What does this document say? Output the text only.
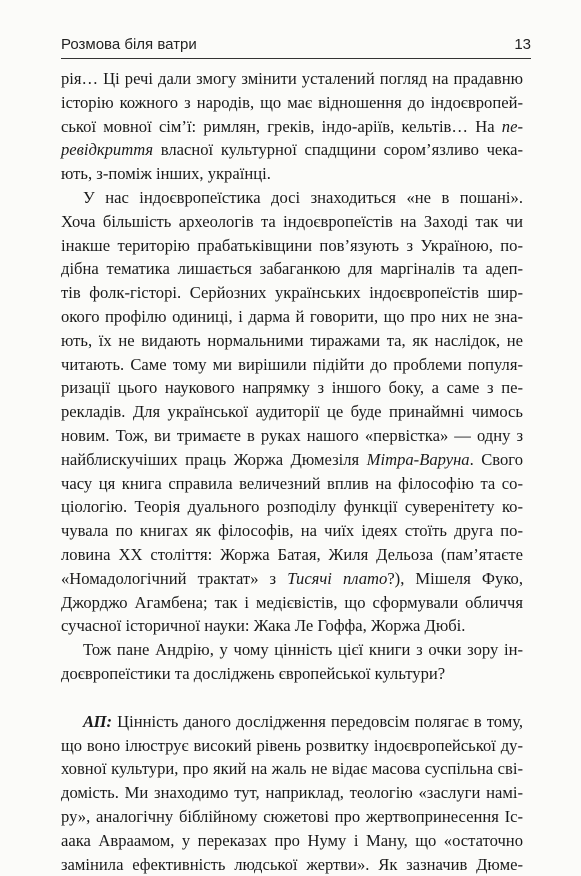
Розмова біля ватри	13
рія… Ці речі дали змогу змінити усталений погляд на прадавню
історію кожного з народів, що має відношення до індоєвропей-
ської мовної сім’ї: римлян, греків, індо-аріїв, кельтів… На пе-
ревідкриття власної культурної спадщини сором’язливо чека-
ють, з-поміж інших, українці.
У нас індоєвропеїстика досі знаходиться «не в пошані».
Хоча більшість археологів та індоєвропеїстів на Заході так чи
інакше територію прабатьківщини пов’язують з Україною, по-
дібна тематика лишається забаганкою для маргіналів та адеп-
тів фолк-гісторі. Серйозних українських індоєвропеїстів шир-
окого профілю одиниці, і дарма й говорити, що про них не зна-
ють, їх не видають нормальними тиражами та, як наслідок, не
читають. Саме тому ми вирішили підійти до проблеми популя-
ризації цього наукового напрямку з іншого боку, а саме з пе-
рекладів. Для української аудиторії це буде принаймні чимось
новим. Тож, ви тримаєте в руках нашого «первістка» — одну з
найблискучіших праць Жоржа Дюмезіля Мітра-Варуна. Свого
часу ця книга справила величезний вплив на філософію та со-
ціологію. Теорія дуального розподілу функції суверенітету ко-
чувала по книгах як філософів, на чиїх ідеях стоїть друга по-
ловина XX століття: Жоржа Батая, Жиля Дельоза (пам’ятаєте
«Номадологічний трактат» з Тисячі плато?), Мішеля Фуко,
Джорджо Агамбена; так і медієвістів, що сформували обличчя
сучасної історичної науки: Жака Ле Гоффа, Жоржа Дюбі.
Тож пане Андрію, у чому цінність цієї книги з очки зору ін-
доєвропеїстики та досліджень європейської культури?
АП: Цінність даного дослідження передовсім полягає в тому,
що воно ілюструє високий рівень розвитку індоєвропейської ду-
ховної культури, про який на жаль не відає масова суспільна сві-
домість. Ми знаходимо тут, наприклад, теологію «заслуги намі-
ру», аналогічну біблійному сюжетові про жертвопринесення Іс-
аака Авраамом, у переказах про Нуму і Ману, що «остаточно
замінила ефективність людської жертви». Як зазначив Дюме-
